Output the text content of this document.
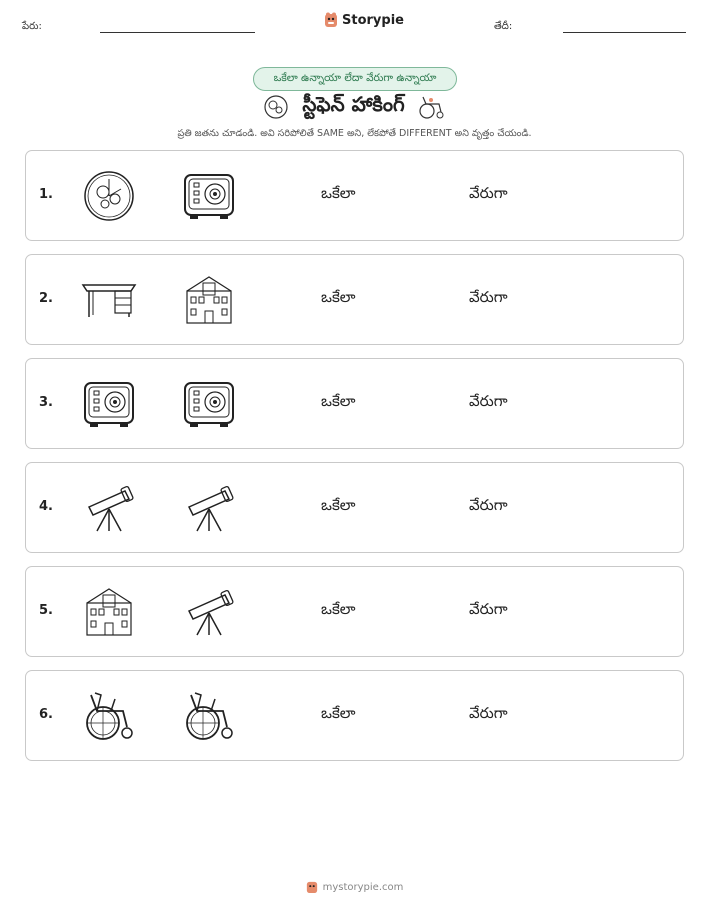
పేరు:	Storypie	తేదీ:
ఒకేలా ఉన్నాయా లేదా వేరుగా ఉన్నాయా
స్టీఫెన్ హాకింగ్
ప్రతి జతను చూడండి. అవి సరిపోలితే SAME అని, లేకపోతే DIFFERENT అని వృత్తం చేయండి.
1.	ఒకేలా	వేరుగా
2.	ఒకేలా	వేరుగా
3.	ఒకేలా	వేరుగా
4.	ఒకేలా	వేరుగా
5.	ఒకేలా	వేరుగా
6.	ఒకేలా	వేరుగా
mystorypie.com
